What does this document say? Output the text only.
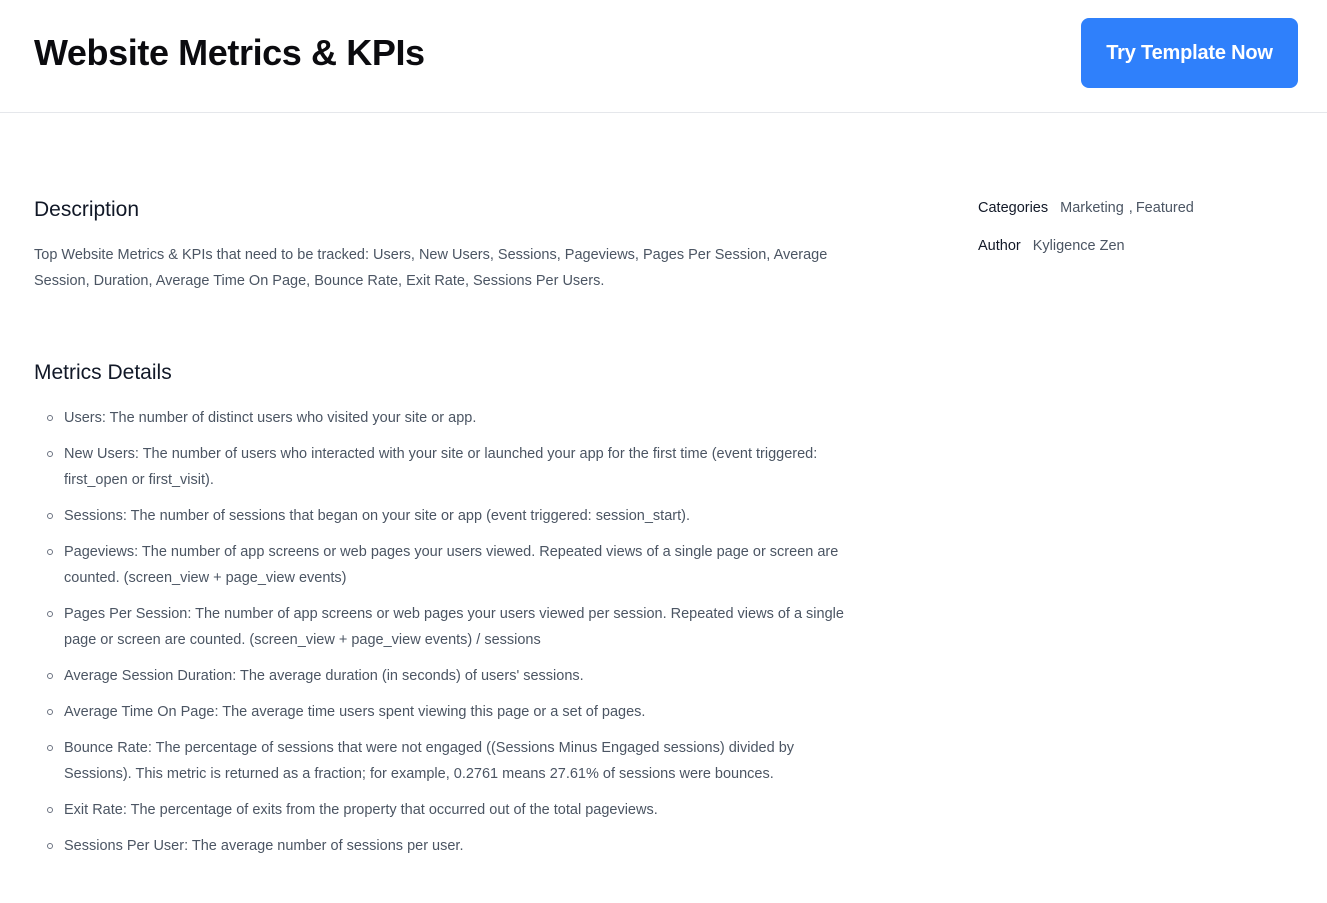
Website Metrics & KPIs	Try Template Now
Description

Top Website Metrics & KPIs that need to be tracked: Users, New Users, Sessions, Pageviews, Pages Per Session, Average Session, Duration, Average Time On Page, Bounce Rate, Exit Rate, Sessions Per Users.

Metrics Details
Users: The number of distinct users who visited your site or app.
New Users: The number of users who interacted with your site or launched your app for the first time (event triggered: first_open or first_visit).
Sessions: The number of sessions that began on your site or app (event triggered: session_start).
Pageviews: The number of app screens or web pages your users viewed. Repeated views of a single page or screen are counted. (screen_view + page_view events)
Pages Per Session: The number of app screens or web pages your users viewed per session. Repeated views of a single page or screen are counted. (screen_view + page_view events) / sessions
Average Session Duration: The average duration (in seconds) of users' sessions.
Average Time On Page: The average time users spent viewing this page or a set of pages.
Bounce Rate: The percentage of sessions that were not engaged ((Sessions Minus Engaged sessions) divided by Sessions). This metric is returned as a fraction; for example, 0.2761 means 27.61% of sessions were bounces.
Exit Rate: The percentage of exits from the property that occurred out of the total pageviews.
Sessions Per User: The average number of sessions per user.
Categories Marketing , Featured
Author Kyligence Zen
